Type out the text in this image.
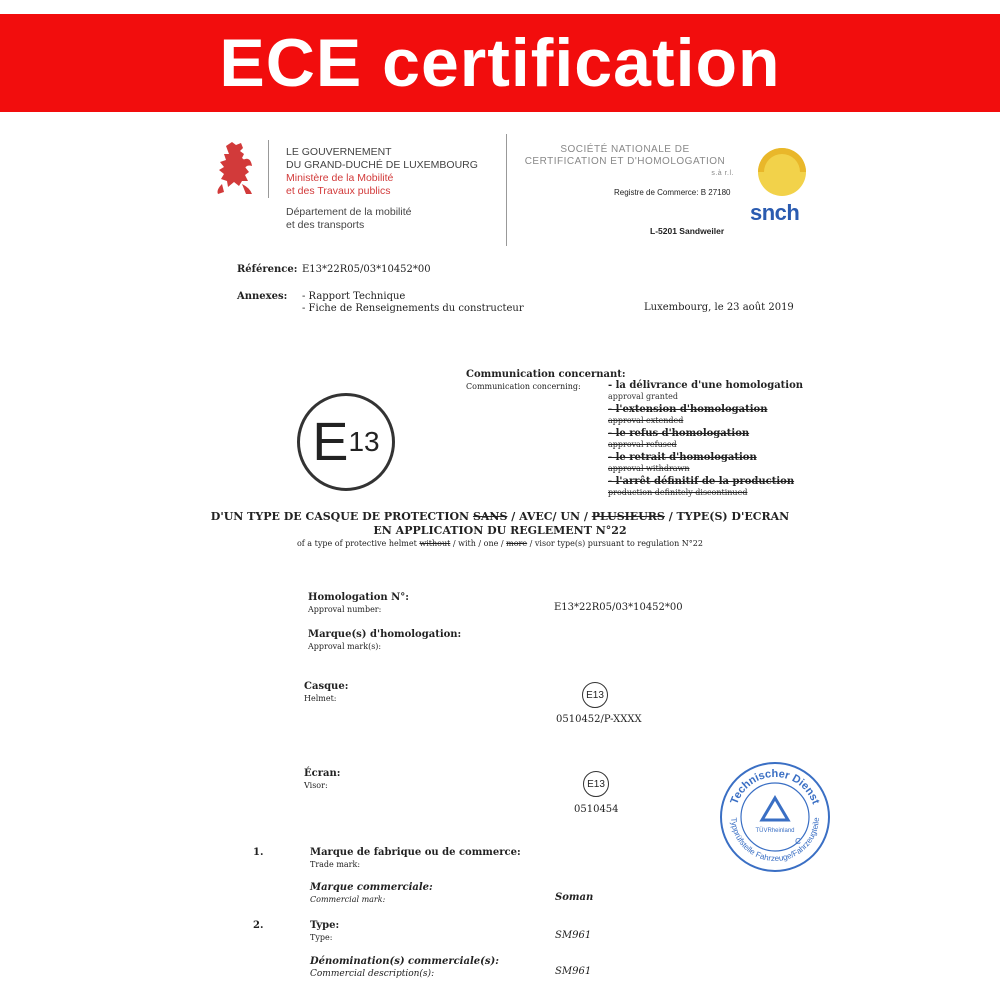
ECE certification
LE GOUVERNEMENT
DU GRAND-DUCHÉ DE LUXEMBOURG
Ministère de la Mobilité
et des Travaux publics
Département de la mobilité
et des transports
SOCIÉTÉ NATIONALE DE
CERTIFICATION ET D'HOMOLOGATION
s.à r.l.
Registre de Commerce: B 27180
L-5201 Sandweiler
snch
Référence: E13*22R05/03*10452*00
Annexes: - Rapport Technique
- Fiche de Renseignements du constructeur	Luxembourg, le 23 août 2019
Communication concernant:
Communication concerning:	- la délivrance d'une homologation
approval granted
- l'extension d'homologation
approval extended
- le refus d'homologation
approval refused
- le retrait d'homologation
approval withdrawn
- l'arrêt définitif de la production
production definitely discontinued
E 13
D'UN TYPE DE CASQUE DE PROTECTION SANS / AVEC/ UN / PLUSIEURS / TYPE(S) D'ECRAN
EN APPLICATION DU REGLEMENT N°22
of a type of protective helmet without / with / one / more / visor type(s) pursuant to regulation N°22
Homologation N°:
Approval number:	E13*22R05/03*10452*00
Marque(s) d'homologation:
Approval mark(s):
Casque:
Helmet:	E13
0510452/P-XXXX
Écran:
Visor:	E13
0510454
Technischer Dienst
Typprüfstelle Fahrzeuge/Fahrzeugteile
TÜVRheinland
C
1.	Marque de fabrique ou de commerce:
Trade mark:
Marque commerciale:
Commercial mark:	Soman
2.	Type:
Type:	SM961
Dénomination(s) commerciale(s):
Commercial description(s):	SM961
